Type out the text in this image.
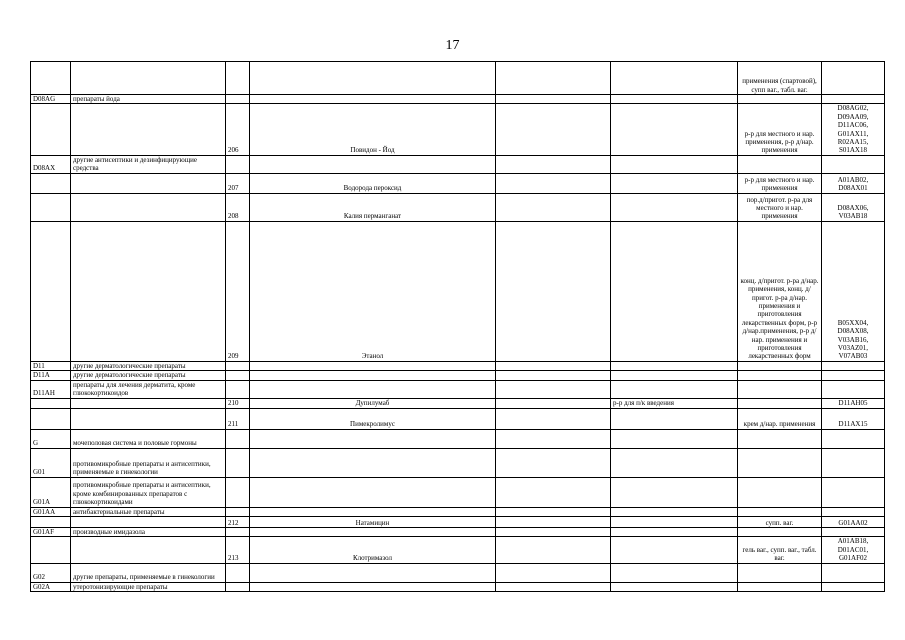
17
						применения (спартовой), супп ваг., табл. ваг.	
D08AG	препараты йода						
		206	Повидон - Йод			р-р для местного и нар. применения, р-р д/нар. применения	D08AG02, D09AA09, D11AC06, G01AX11, R02AA15, S01AX18
D08AX	другие антисептики и дезинфицирующие средства						
		207	Водорода пероксид			р-р для местного и нар. применения	A01AB02, D08AX01
		208	Калия перманганат			пор.д/пригот. р-ра для местного и нар. применения	D08AX06, V03AB18
		209	Этанол			конц. д/пригот. р-ра д/нар. применения, конц. д/пригот. р-ра д/нар. применения и приготовления лекарственных форм, р-р д/нар.применения, р-р д/нар. применения и приготовления лекарственных форм	B05XX04, D08AX08, V03AB16, V03AZ01, V07AB03
D11	другие дерматологические препараты						
D11A	другие дерматологические препараты						
D11AH	препараты для лечения дерматита, кроме глюкокортикоидов						
		210	Дупилумаб		р-р для п/к введения		D11AH05
		211	Пимекролимус			крем д/нар. применения	D11AX15
G	мочеполовая система и половые гормоны						
G01	противомикробные препараты и антисептики, применяемые в гинекологии						
G01A	противомикробные препараты и антисептики, кроме комбинированных препаратов с глюкокортикоидами						
G01AA	антибактериальные препараты						
		212	Натамицин			супп. ваг.	G01AA02
G01AF	производные имидазола						
		213	Клотримазол			гель ваг., супп. ваг., табл. ваг.	A01AB18, D01AC01, G01AF02
G02	другие препараты, применяемые в гинекологии						
G02A	утеротонизирующие препараты						
